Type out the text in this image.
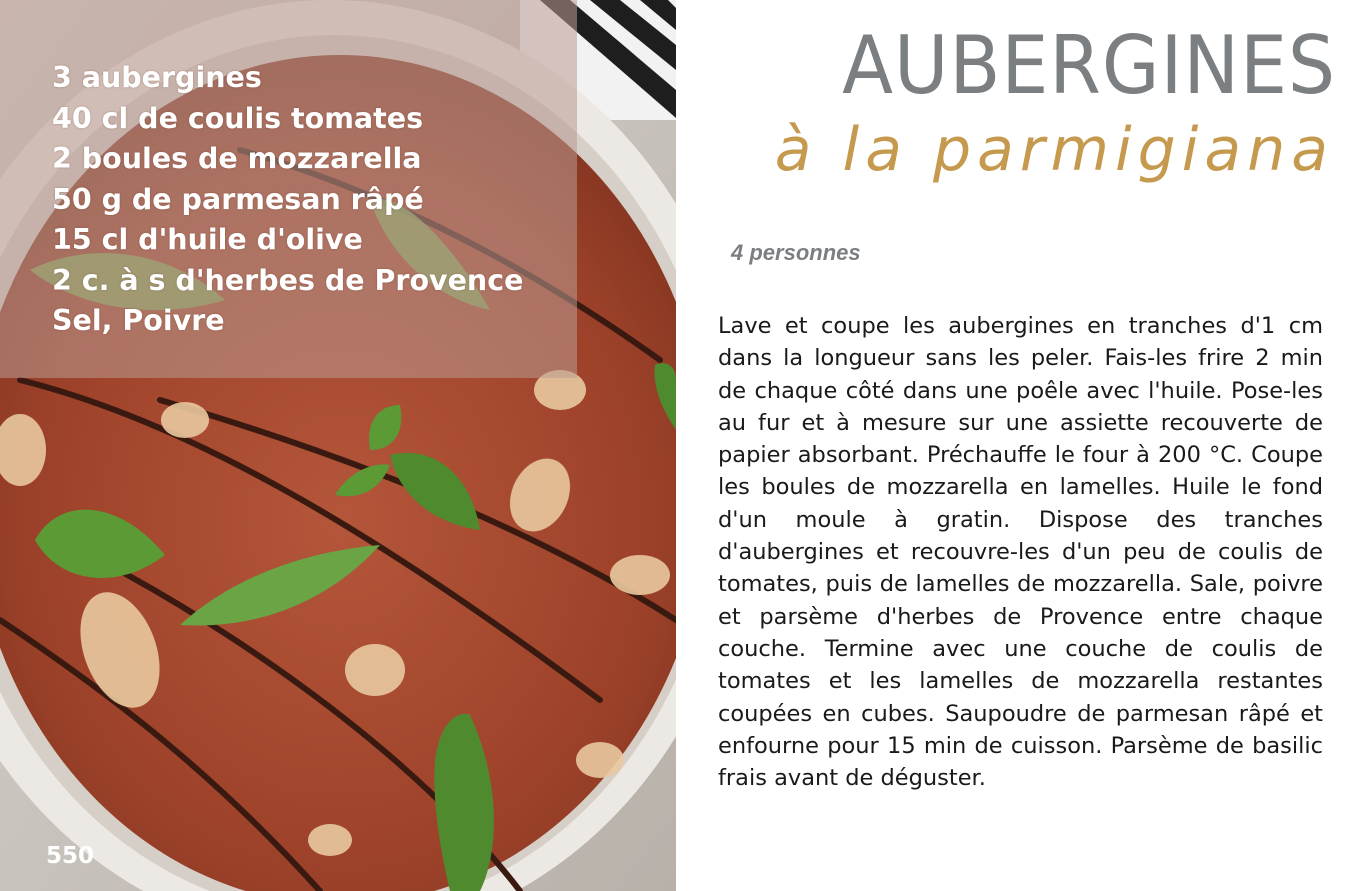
3 aubergines
40 cl de coulis tomates
2 boules de mozzarella
50 g de parmesan râpé
15 cl d'huile d'olive
2 c. à s d'herbes de Provence
Sel, Poivre
550
AUBERGINES
à la parmigiana
4 personnes

Lave et coupe les aubergines en tranches d'1 cm dans la longueur sans les peler. Fais-les frire 2 min de chaque côté dans une poêle avec l'huile. Pose-les au fur et à mesure sur une assiette recouverte de papier absorbant. Préchauffe le four à 200 °C. Coupe les boules de mozzarella en lamelles. Huile le fond d'un moule à gratin. Dispose des tranches d'aubergines et recouvre-les d'un peu de coulis de tomates, puis de lamelles de mozzarella. Sale, poivre et parsème d'herbes de Provence entre chaque couche. Termine avec une couche de coulis de tomates et les lamelles de mozzarella restantes coupées en cubes. Saupoudre de parmesan râpé et enfourne pour 15 min de cuisson. Parsème de basilic frais avant de déguster.
